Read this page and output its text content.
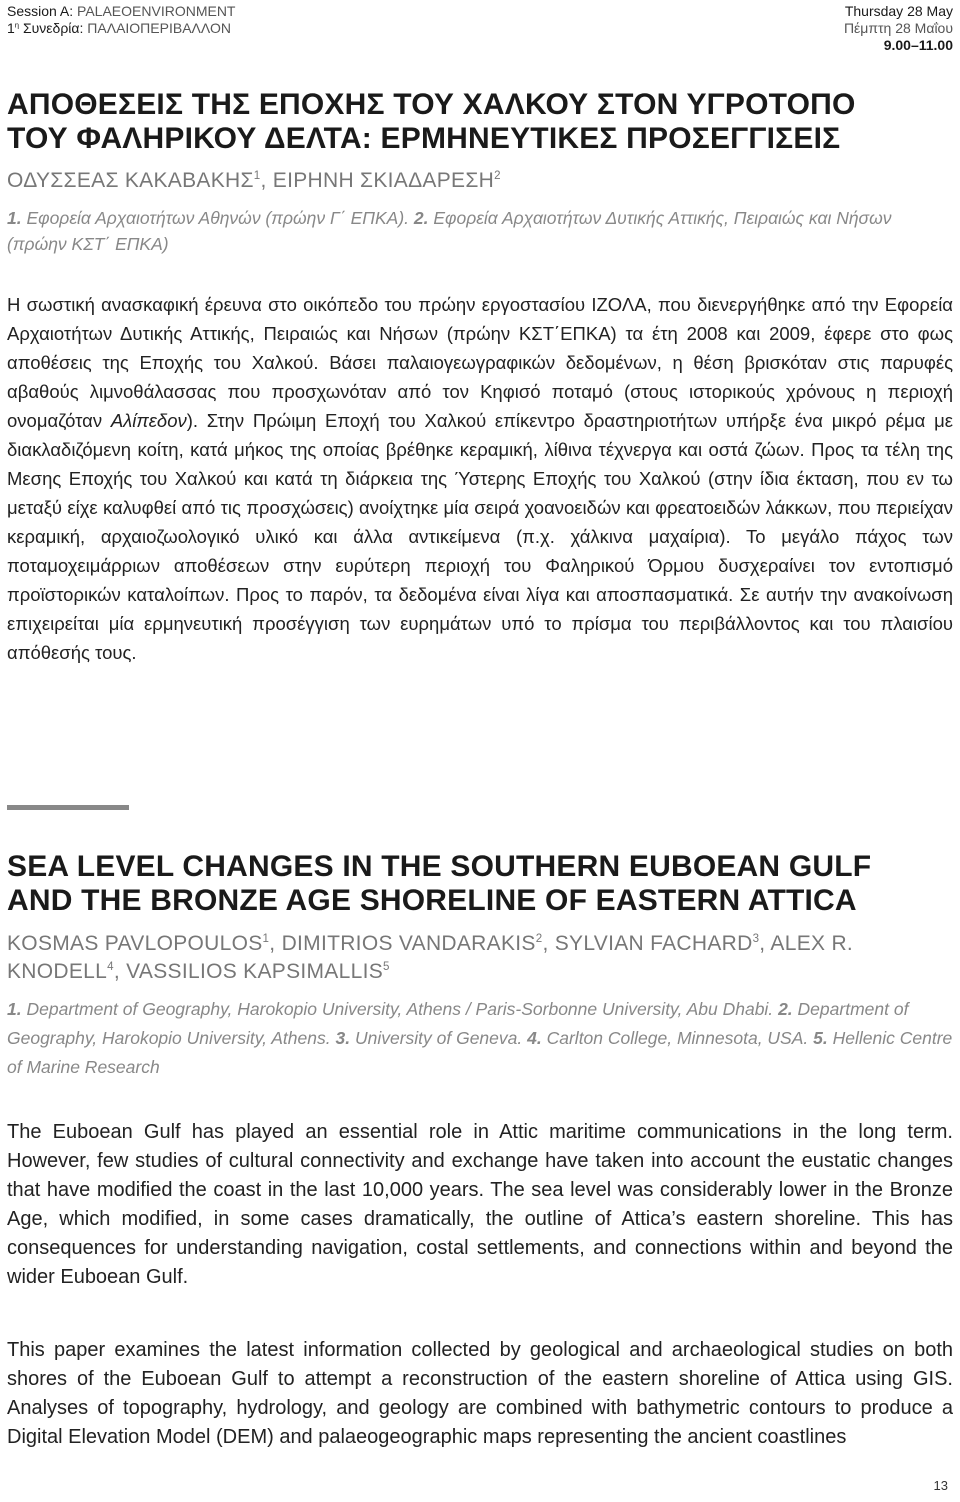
Session A: PALAEOENVIRONMENT
$1^\eta$ Συνεδρία: ΠΑΛΑΙΟΠΕΡΙΒΑΛΛΟΝ
Thursday 28 May
Πέμπτη 28 Μαΐου
9.00–11.00
ΑΠΟΘΕΣΕΙΣ ΤΗΣ ΕΠΟΧΗΣ ΤΟΥ ΧΑΛΚΟΥ ΣΤΟΝ ΥΓΡΟΤΟΠΟ
ΤΟΥ ΦΑΛΗΡΙΚΟΥ ΔΕΛΤΑ: ΕΡΜΗΝΕΥΤΙΚΕΣ ΠΡΟΣΕΓΓΙΣΕΙΣ
ΟΔΥΣΣΕΑΣ ΚΑΚΑΒΑΚΗΣ$^1$, ΕΙΡΗΝΗ ΣΚΙΑΔΑΡΕΣΗ$^2$
1. Εφορεία Αρχαιοτήτων Αθηνών (πρώην Γ΄ ΕΠΚΑ). 2. Εφορεία Αρχαιοτήτων Δυτικής Αττικής, Πειραιώς και Νήσων (πρώην ΚΣΤ΄ ΕΠΚΑ)
Η σωστική ανασκαφική έρευνα στο οικόπεδο του πρώην εργοστασίου ΙΖΟΛΑ, που διενεργήθηκε από την Εφορεία Αρχαιοτήτων Δυτικής Αττικής, Πειραιώς και Νήσων (πρώην ΚΣΤ΄ΕΠΚΑ) τα έτη 2008 και 2009, έφερε στο φως αποθέσεις της Εποχής του Χαλκού. Βάσει παλαιογεωγραφικών δεδομένων, η θέση βρισκόταν στις παρυφές αβαθούς λιμνοθάλασσας που προσχωνόταν από τον Κηφισό ποταμό (στους ιστορικούς χρόνους η περιοχή ονομαζόταν Αλίπεδον). Στην Πρώιμη Εποχή του Χαλκού επίκεντρο δραστηριοτήτων υπήρξε ένα μικρό ρέμα με διακλαδιζόμενη κοίτη, κατά μήκος της οποίας βρέθηκε κεραμική, λίθινα τέχνεργα και οστά ζώων. Προς τα τέλη της Μεσης Εποχής του Χαλκού και κατά τη διάρκεια της Ύστερης Εποχής του Χαλκού (στην ίδια έκταση, που εν τω μεταξύ είχε καλυφθεί από τις προσχώσεις) ανοίχτηκε μία σειρά χοανοειδών και φρεατοειδών λάκκων, που περιείχαν κεραμική, αρχαιοζωολογικό υλικό και άλλα αντικείμενα (π.χ. χάλκινα μαχαίρια). Το μεγάλο πάχος των ποταμοχειμάρριων αποθέσεων στην ευρύτερη περιοχή του Φαληρικού Όρμου δυσχεραίνει τον εντοπισμό προϊστορικών καταλοίπων. Προς το παρόν, τα δεδομένα είναι λίγα και αποσπασματικά. Σε αυτήν την ανακοίνωση επιχειρείται μία ερμηνευτική προσέγγιση των ευρημάτων υπό το πρίσμα του περιβάλλοντος και του πλαισίου απόθεσής τους.
SEA LEVEL CHANGES IN THE SOUTHERN EUBOEAN GULF
AND THE BRONZE AGE SHORELINE OF EASTERN ATTICA
KOSMAS PAVLOPOULOS$^1$, DIMITRIOS VANDARAKIS$^2$, SYLVIAN FACHARD$^3$, ALEX R. KNODELL$^4$, VASSILIOS KAPSIMALLIS$^5$
1. Department of Geography, Harokopio University, Athens / Paris-Sorbonne University, Abu Dhabi. 2. Department of Geography, Harokopio University, Athens. 3. University of Geneva. 4. Carlton College, Minnesota, USA. 5. Hellenic Centre of Marine Research
The Euboean Gulf has played an essential role in Attic maritime communications in the long term. However, few studies of cultural connectivity and exchange have taken into account the eustatic changes that have modified the coast in the last 10,000 years. The sea level was considerably lower in the Bronze Age, which modified, in some cases dramatically, the outline of Attica’s eastern shoreline. This has consequences for understanding navigation, costal settlements, and connections within and beyond the wider Euboean Gulf.
This paper examines the latest information collected by geological and archaeological studies on both shores of the Euboean Gulf to attempt a reconstruction of the eastern shoreline of Attica using GIS. Analyses of topography, hydrology, and geology are combined with bathymetric contours to produce a Digital Elevation Model (DEM) and palaeogeographic maps representing the ancient coastlines
13
